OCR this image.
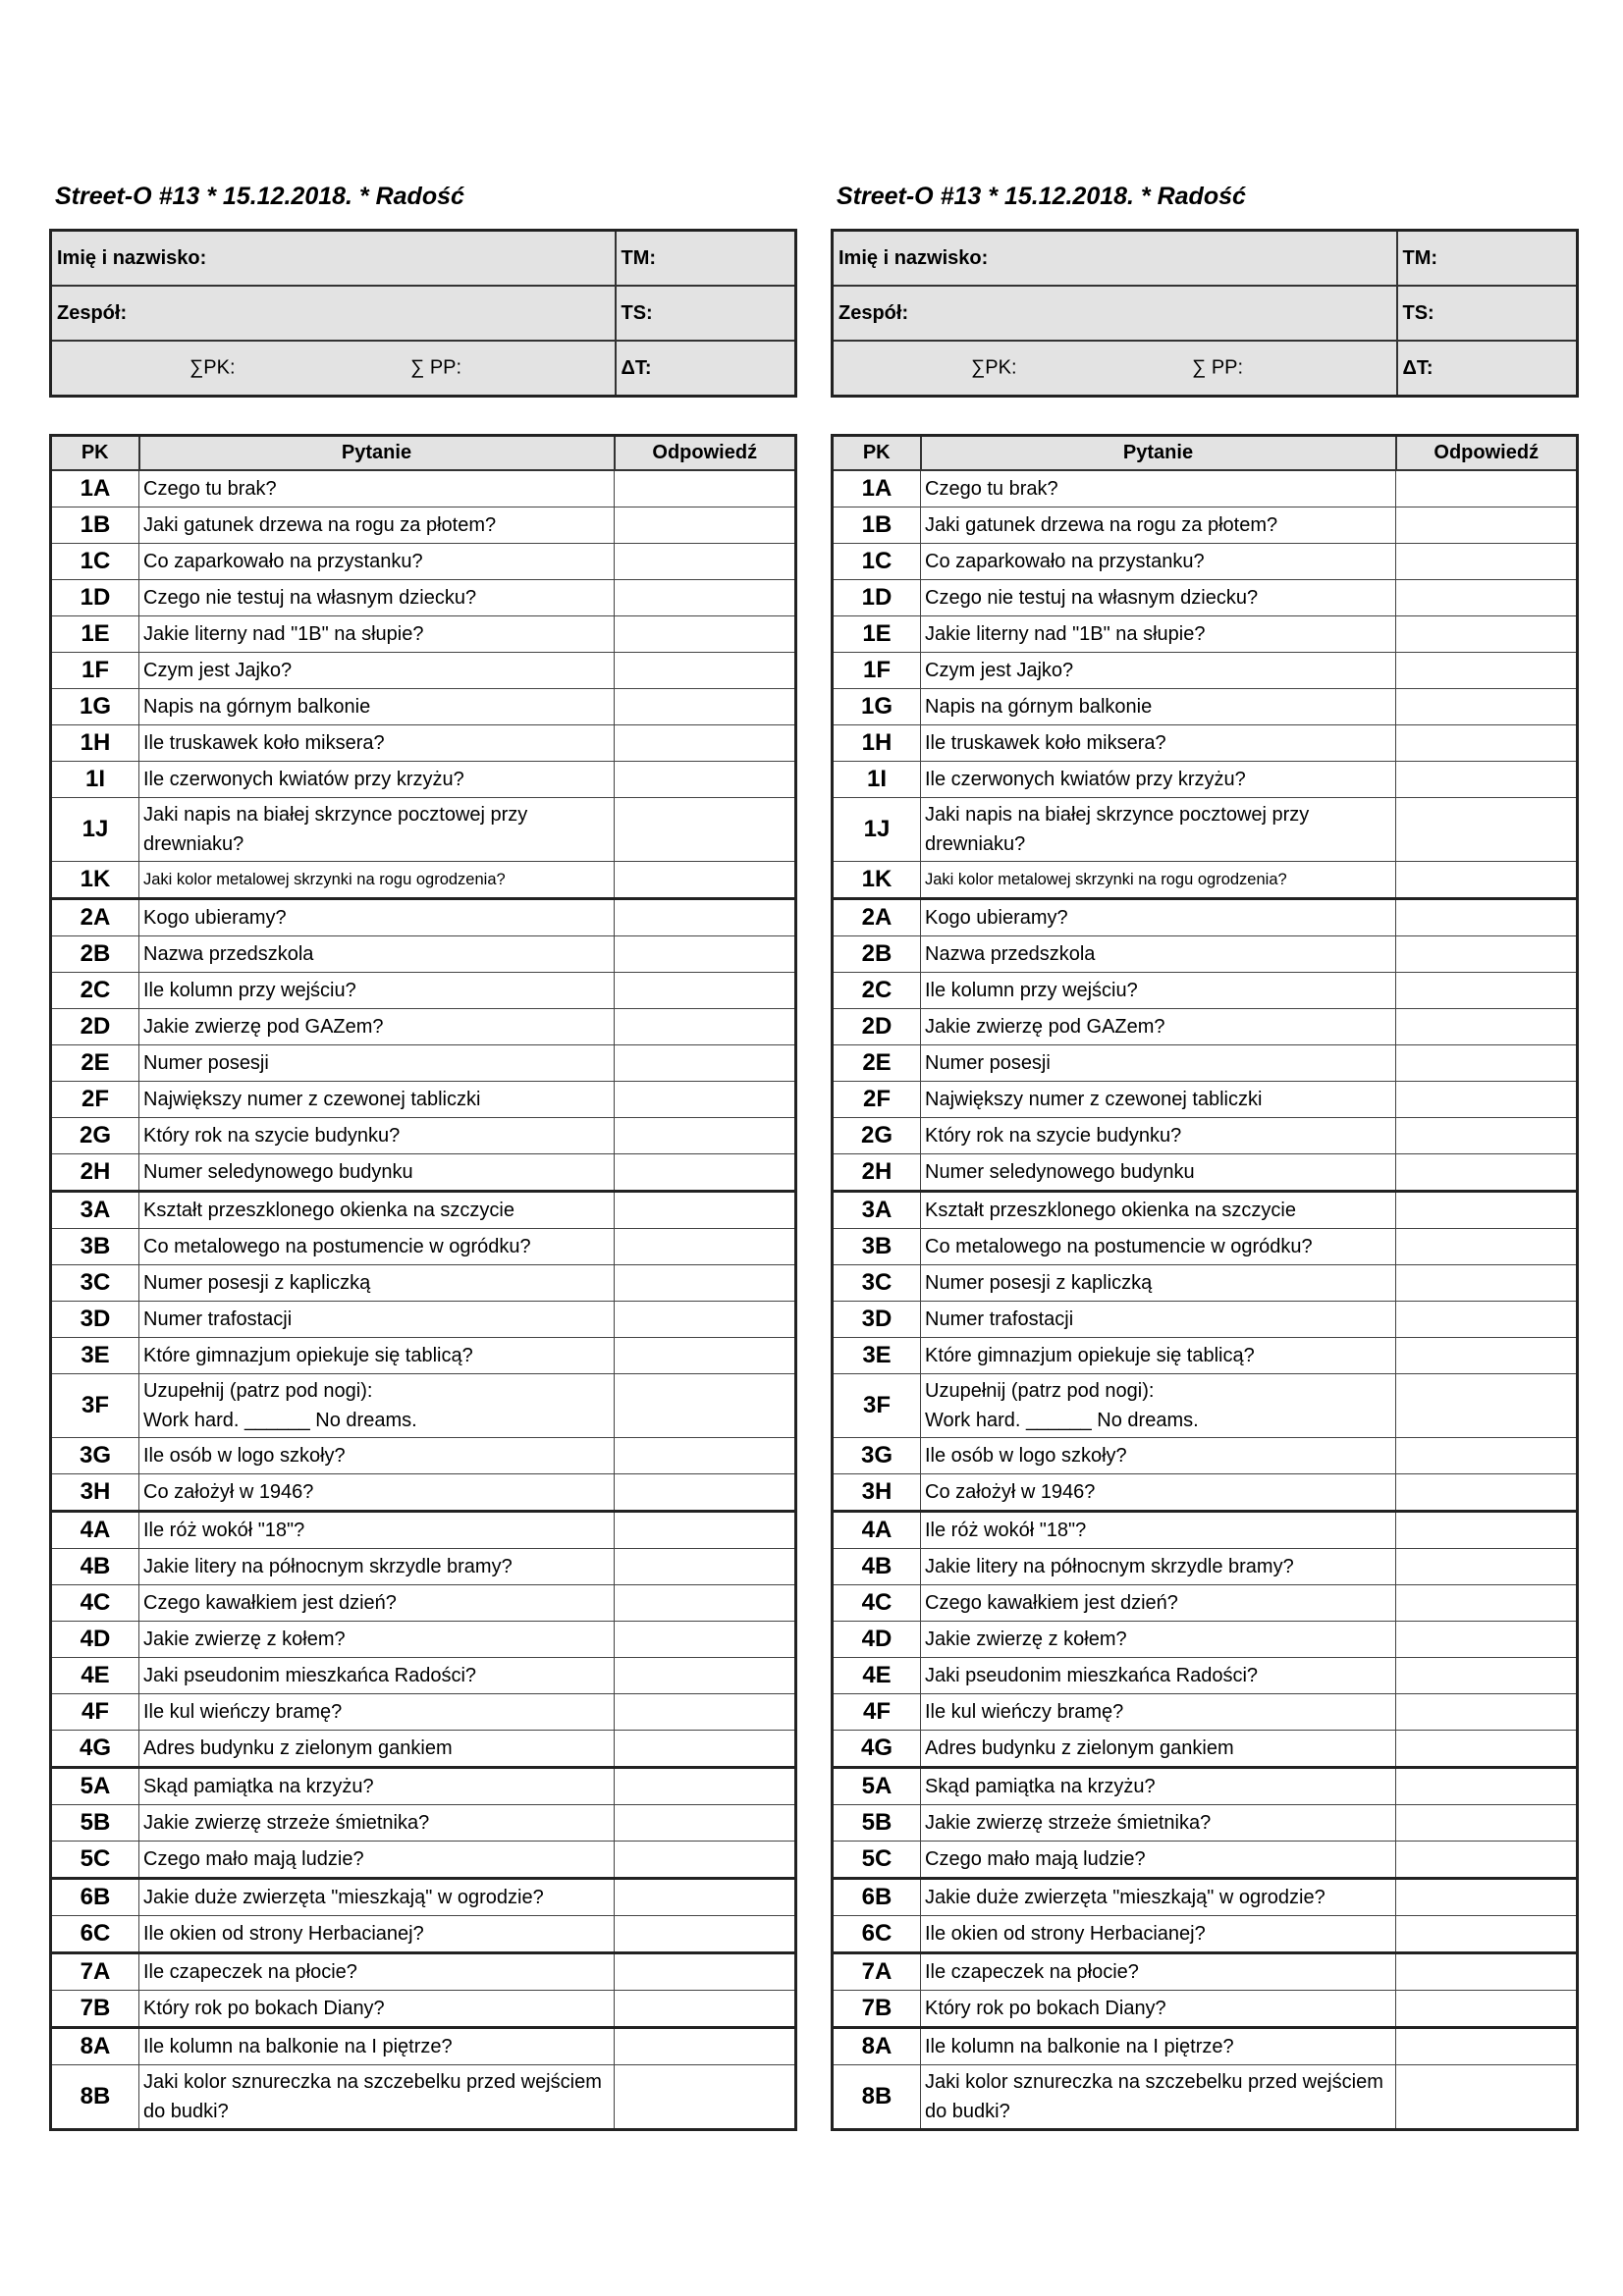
Street-O #13 * 15.12.2018. * Radość
Imię i nazwisko:	TM:
Zespół:	TS:

∑PK: ∑ PP:	ΔT:
PK	Pytanie	Odpowiedź
1A	Czego tu brak?	
1B	Jaki gatunek drzewa na rogu za płotem?	
1C	Co zaparkowało na przystanku?	
1D	Czego nie testuj na własnym dziecku?	
1E	Jakie literny nad "1B" na słupie?	
1F	Czym jest Jajko?	
1G	Napis na górnym balkonie	
1H	Ile truskawek koło miksera?	
1I	Ile czerwonych kwiatów przy krzyżu?	
1J	Jaki napis na białej skrzynce pocztowej przy drewniaku?	
1K	Jaki kolor metalowej skrzynki na rogu ogrodzenia?	
2A	Kogo ubieramy?	
2B	Nazwa przedszkola	
2C	Ile kolumn przy wejściu?	
2D	Jakie zwierzę pod GAZem?	
2E	Numer posesji	
2F	Największy numer z czewonej tabliczki	
2G	Który rok na szycie budynku?	
2H	Numer seledynowego budynku	
3A	Kształt przeszklonego okienka na szczycie	
3B	Co metalowego na postumencie w ogródku?	
3C	Numer posesji z kapliczką	
3D	Numer trafostacji	
3E	Które gimnazjum opiekuje się tablicą?	
3F	Uzupełnij (patrz pod nogi):
Work hard. ______ No dreams.	

3G	Ile osób w logo szkoły?	
3H	Co założył w 1946?	
4A	Ile róż wokół "18"?	
4B	Jakie litery na północnym skrzydle bramy?	
4C	Czego kawałkiem jest dzień?	
4D	Jakie zwierzę z kołem?	
4E	Jaki pseudonim mieszkańca Radości?	
4F	Ile kul wieńczy bramę?	
4G	Adres budynku z zielonym gankiem	
5A	Skąd pamiątka na krzyżu?	
5B	Jakie zwierzę strzeże śmietnika?	
5C	Czego mało mają ludzie?	
6B	Jakie duże zwierzęta "mieszkają" w ogrodzie?	
6C	Ile okien od strony Herbacianej?	
7A	Ile czapeczek na płocie?	
7B	Który rok po bokach Diany?	
8A	Ile kolumn na balkonie na I piętrze?	
8B	Jaki kolor sznureczka na szczebelku przed wejściem do budki?	
Street-O #13 * 15.12.2018. * Radość
Imię i nazwisko:	TM:
Zespół:	TS:

∑PK: ∑ PP:	ΔT:
PK	Pytanie	Odpowiedź
1A	Czego tu brak?	
1B	Jaki gatunek drzewa na rogu za płotem?	
1C	Co zaparkowało na przystanku?	
1D	Czego nie testuj na własnym dziecku?	
1E	Jakie literny nad "1B" na słupie?	
1F	Czym jest Jajko?	
1G	Napis na górnym balkonie	
1H	Ile truskawek koło miksera?	
1I	Ile czerwonych kwiatów przy krzyżu?	
1J	Jaki napis na białej skrzynce pocztowej przy drewniaku?	
1K	Jaki kolor metalowej skrzynki na rogu ogrodzenia?	
2A	Kogo ubieramy?	
2B	Nazwa przedszkola	
2C	Ile kolumn przy wejściu?	
2D	Jakie zwierzę pod GAZem?	
2E	Numer posesji	
2F	Największy numer z czewonej tabliczki	
2G	Który rok na szycie budynku?	
2H	Numer seledynowego budynku	
3A	Kształt przeszklonego okienka na szczycie	
3B	Co metalowego na postumencie w ogródku?	
3C	Numer posesji z kapliczką	
3D	Numer trafostacji	
3E	Które gimnazjum opiekuje się tablicą?	
3F	Uzupełnij (patrz pod nogi):
Work hard. ______ No dreams.	

3G	Ile osób w logo szkoły?	
3H	Co założył w 1946?	
4A	Ile róż wokół "18"?	
4B	Jakie litery na północnym skrzydle bramy?	
4C	Czego kawałkiem jest dzień?	
4D	Jakie zwierzę z kołem?	
4E	Jaki pseudonim mieszkańca Radości?	
4F	Ile kul wieńczy bramę?	
4G	Adres budynku z zielonym gankiem	
5A	Skąd pamiątka na krzyżu?	
5B	Jakie zwierzę strzeże śmietnika?	
5C	Czego mało mają ludzie?	
6B	Jakie duże zwierzęta "mieszkają" w ogrodzie?	
6C	Ile okien od strony Herbacianej?	
7A	Ile czapeczek na płocie?	
7B	Który rok po bokach Diany?	
8A	Ile kolumn na balkonie na I piętrze?	
8B	Jaki kolor sznureczka na szczebelku przed wejściem do budki?	
